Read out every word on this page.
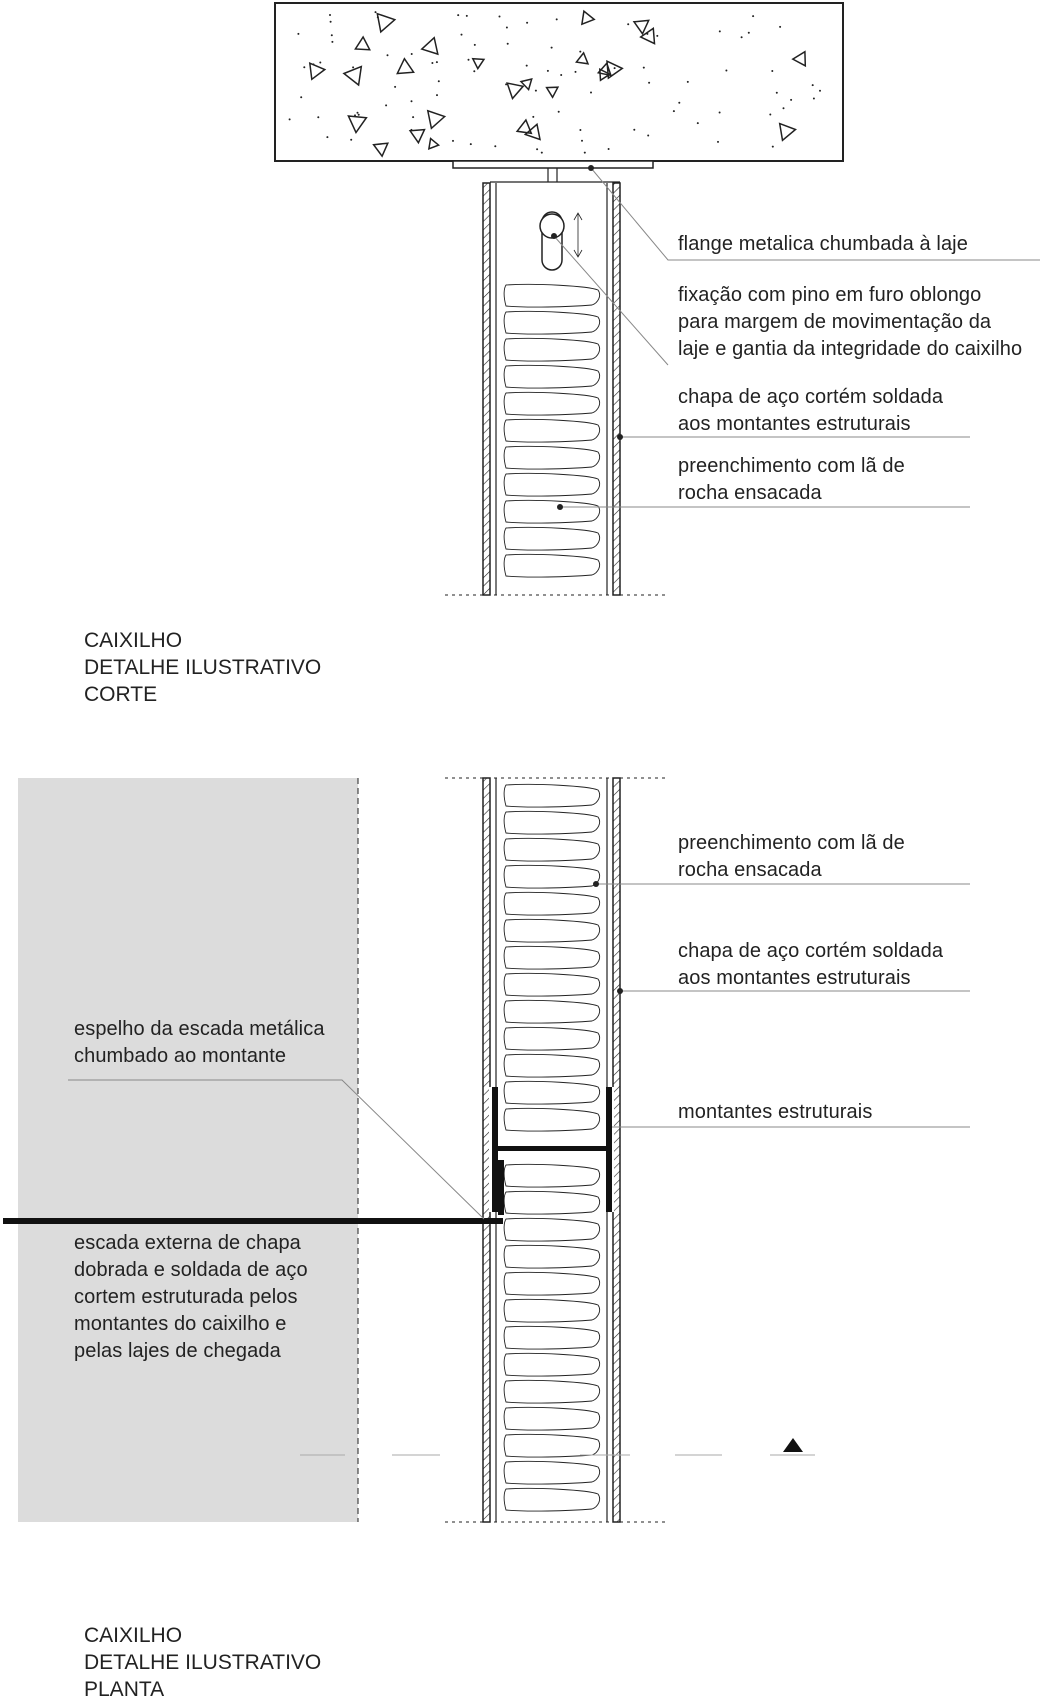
flange metalica chumbada à laje
fixação com pino em furo oblongo
para margem de movimentação da
laje e gantia da integridade do caixilho
chapa de aço cortém soldada
aos montantes estruturais
preenchimento com lã de
rocha ensacada
CAIXILHO
DETALHE ILUSTRATIVO
CORTE
preenchimento com lã de
rocha ensacada
chapa de aço cortém soldada
aos montantes estruturais
montantes estruturais
espelho da escada metálica
chumbado ao montante
escada externa de chapa
dobrada e soldada de aço
cortem estruturada pelos
montantes do caixilho e
pelas lajes de chegada
CAIXILHO
DETALHE ILUSTRATIVO
PLANTA
